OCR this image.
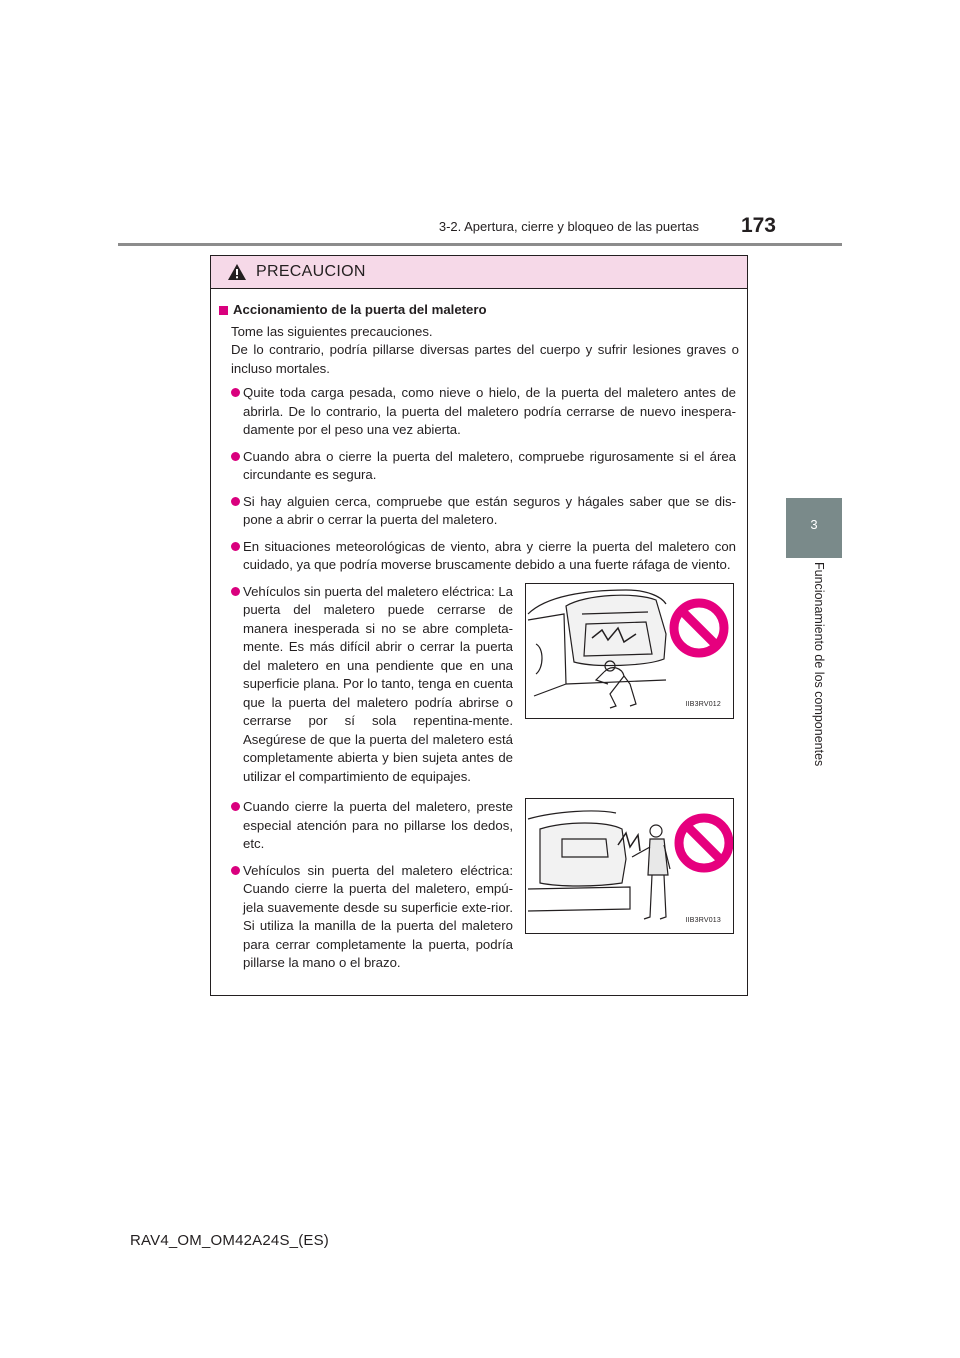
3-2. Apertura, cierre y bloqueo de las puertas	173
3
Funcionamiento de los componentes
PRECAUCION
Accionamiento de la puerta del maletero
Tome las siguientes precauciones.
De lo contrario, podría pillarse diversas partes del cuerpo y sufrir lesiones graves o incluso mortales.
Quite toda carga pesada, como nieve o hielo, de la puerta del maletero antes de abrirla. De lo contrario, la puerta del maletero podría cerrarse de nuevo inespera-damente por el peso una vez abierta.
Cuando abra o cierre la puerta del maletero, compruebe rigurosamente si el área circundante es segura.
Si hay alguien cerca, compruebe que están seguros y hágales saber que se dis-pone a abrir o cerrar la puerta del maletero.
En situaciones meteorológicas de viento, abra y cierre la puerta del maletero con cuidado, ya que podría moverse bruscamente debido a una fuerte ráfaga de viento.
Vehículos sin puerta del maletero eléctrica: La puerta del maletero puede cerrarse de manera inesperada si no se abre completa-mente. Es más difícil abrir o cerrar la puerta del maletero en una pendiente que en una superficie plana. Por lo tanto, tenga en cuenta que la puerta del maletero podría abrirse o cerrarse por sí sola repentina-mente. Asegúrese de que la puerta del maletero está completamente abierta y bien sujeta antes de utilizar el compartimiento de equipajes.
IIB3RV012
Cuando cierre la puerta del maletero, preste especial atención para no pillarse los dedos, etc.
Vehículos sin puerta del maletero eléctrica: Cuando cierre la puerta del maletero, empú-jela suavemente desde su superficie exte-rior. Si utiliza la manilla de la puerta del maletero para cerrar completamente la puerta, podría pillarse la mano o el brazo.
IIB3RV013
RAV4_OM_OM42A24S_(ES)
